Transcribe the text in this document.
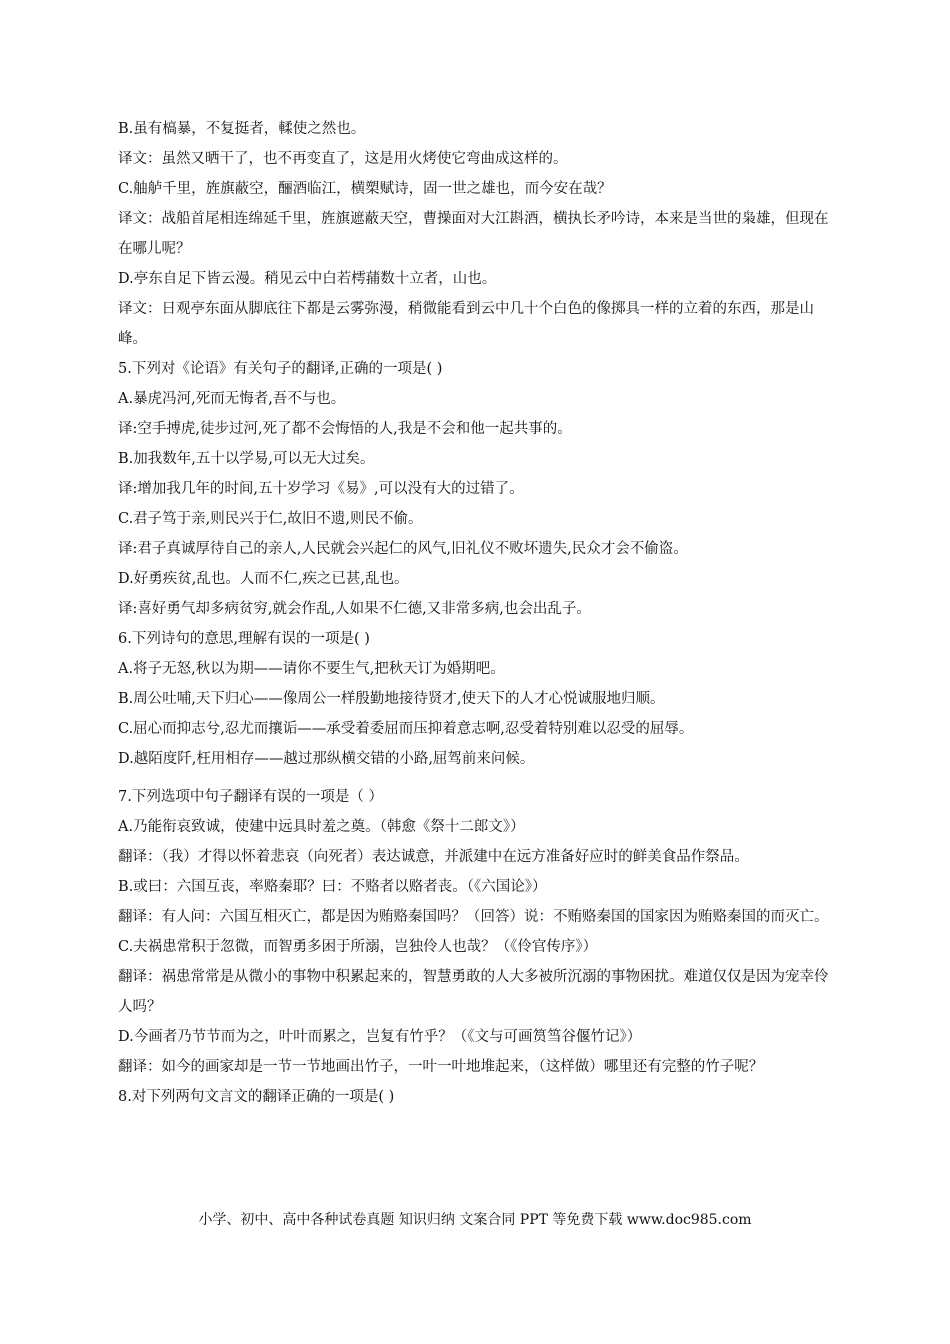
B.虽有槁暴，不复挺者，輮使之然也。
译文：虽然又晒干了，也不再变直了，这是用火烤使它弯曲成这样的。
C.舳舻千里，旌旗蔽空，酾酒临江，横槊赋诗，固一世之雄也，而今安在哉？
译文：战船首尾相连绵延千里，旌旗遮蔽天空，曹操面对大江斟酒，横执长矛吟诗，本来是当世的枭雄，但现在在哪儿呢？
D.亭东自足下皆云漫。稍见云中白若樗蒱数十立者，山也。
译文：日观亭东面从脚底往下都是云雾弥漫，稍微能看到云中几十个白色的像掷具一样的立着的东西，那是山峰。
5.下列对《论语》有关句子的翻译,正确的一项是( )
A.暴虎冯河,死而无悔者,吾不与也。
译:空手搏虎,徒步过河,死了都不会悔悟的人,我是不会和他一起共事的。
B.加我数年,五十以学易,可以无大过矣。
译:增加我几年的时间,五十岁学习《易》,可以没有大的过错了。
C.君子笃于亲,则民兴于仁,故旧不遗,则民不偷。
译:君子真诚厚待自己的亲人,人民就会兴起仁的风气,旧礼仪不败坏遗失,民众才会不偷盗。
D.好勇疾贫,乱也。人而不仁,疾之已甚,乱也。
译:喜好勇气却多病贫穷,就会作乱,人如果不仁德,又非常多病,也会出乱子。
6.下列诗句的意思,理解有误的一项是( )
A.将子无怒,秋以为期——请你不要生气,把秋天订为婚期吧。
B.周公吐哺,天下归心——像周公一样殷勤地接待贤才,使天下的人才心悦诚服地归顺。
C.屈心而抑志兮,忍尤而攘诟——承受着委屈而压抑着意志啊,忍受着特别难以忍受的屈辱。
D.越陌度阡,枉用相存——越过那纵横交错的小路,屈驾前来问候。
7.下列选项中句子翻译有误的一项是（ ）
A.乃能衔哀致诚，使建中远具时羞之奠。（韩愈《祭十二郎文》）
翻译：（我）才得以怀着悲哀（向死者）表达诚意，并派建中在远方准备好应时的鲜美食品作祭品。
B.或曰：六国互丧，率赂秦耶？曰：不赂者以赂者丧。（《六国论》）
翻译：有人问：六国互相灭亡，都是因为贿赂秦国吗？（回答）说：不贿赂秦国的国家因为贿赂秦国的而灭亡。
C.夫祸患常积于忽微，而智勇多困于所溺，岂独伶人也哉？（《伶官传序》）
翻译：祸患常常是从微小的事物中积累起来的，智慧勇敢的人大多被所沉溺的事物困扰。难道仅仅是因为宠幸伶人吗？
D.今画者乃节节而为之，叶叶而累之，岂复有竹乎？（《文与可画筼筜谷偃竹记》）
翻译：如今的画家却是一节一节地画出竹子，一叶一叶地堆起来，（这样做）哪里还有完整的竹子呢？
8.对下列两句文言文的翻译正确的一项是( )
小学、初中、高中各种试卷真题 知识归纳 文案合同 PPT 等免费下载 www.doc985.com
